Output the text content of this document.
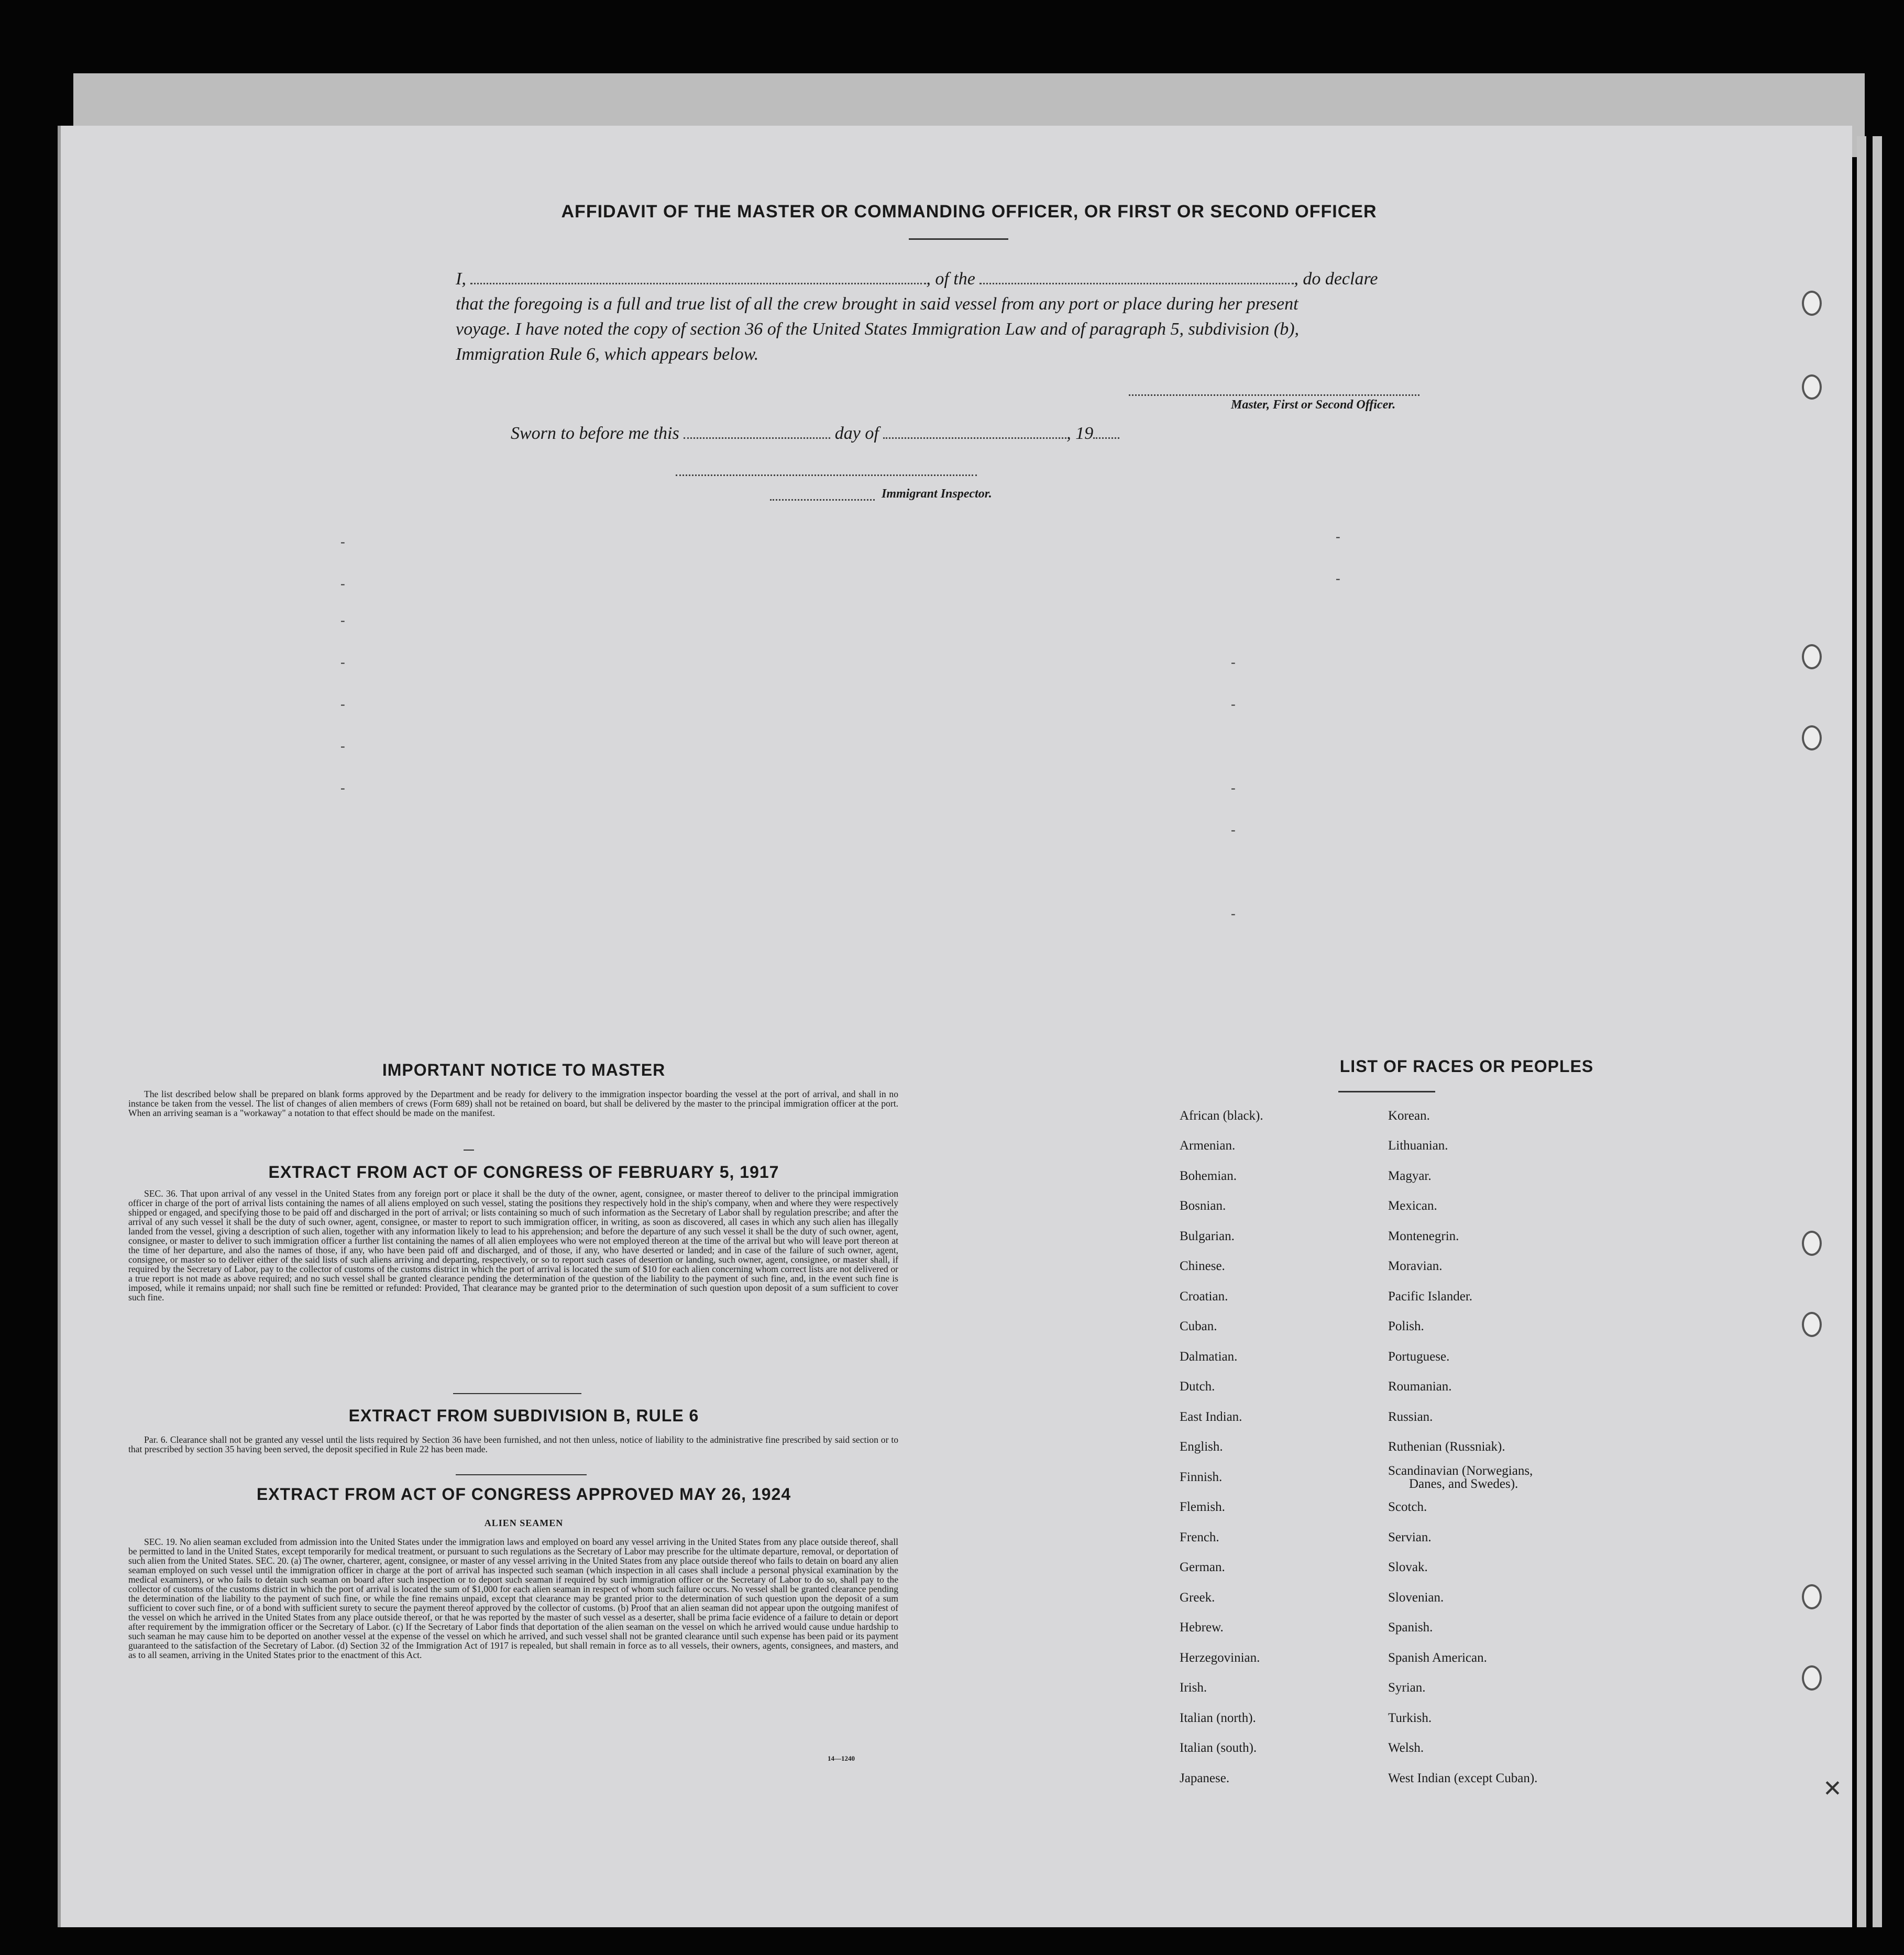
AFFIDAVIT OF THE MASTER OR COMMANDING OFFICER, OR FIRST OR SECOND OFFICER
I,	, of the	, do declare
that the foregoing is a full and true list of all the crew brought in said vessel from any port or place during her present
voyage. I have noted the copy of section 36 of the United States Immigration Law and of paragraph 5, subdivision (b),
Immigration Rule 6, which appears below.
Master, First or Second Officer.
Sworn to before me this	day of	, 19
Immigrant Inspector.
IMPORTANT NOTICE TO MASTER
The list described below shall be prepared on blank forms approved by the Department and be ready for delivery to the immigration inspector boarding the vessel at the port of arrival, and shall in no instance be taken from the vessel. The list of changes of alien members of crews (Form 689) shall not be retained on board, but shall be delivered by the master to the principal immigration officer at the port. When an arriving seaman is a "workaway" a notation to that effect should be made on the manifest.
EXTRACT FROM ACT OF CONGRESS OF FEBRUARY 5, 1917
SEC. 36. That upon arrival of any vessel in the United States from any foreign port or place it shall be the duty of the owner, agent, consignee, or master thereof to deliver to the principal immigration officer in charge of the port of arrival lists containing the names of all aliens employed on such vessel, stating the positions they respectively hold in the ship's company, when and where they were respectively shipped or engaged, and specifying those to be paid off and discharged in the port of arrival; or lists containing so much of such information as the Secretary of Labor shall by regulation prescribe; and after the arrival of any such vessel it shall be the duty of such owner, agent, consignee, or master to report to such immigration officer, in writing, as soon as discovered, all cases in which any such alien has illegally landed from the vessel, giving a description of such alien, together with any information likely to lead to his apprehension; and before the departure of any such vessel it shall be the duty of such owner, agent, consignee, or master to deliver to such immigration officer a further list containing the names of all alien employees who were not employed thereon at the time of the arrival but who will leave port thereon at the time of her departure, and also the names of those, if any, who have been paid off and discharged, and of those, if any, who have deserted or landed; and in case of the failure of such owner, agent, consignee, or master so to deliver either of the said lists of such aliens arriving and departing, respectively, or so to report such cases of desertion or landing, such owner, agent, consignee, or master shall, if required by the Secretary of Labor, pay to the collector of customs of the customs district in which the port of arrival is located the sum of $10 for each alien concerning whom correct lists are not delivered or a true report is not made as above required; and no such vessel shall be granted clearance pending the determination of the question of the liability to the payment of such fine, and, in the event such fine is imposed, while it remains unpaid; nor shall such fine be remitted or refunded: Provided, That clearance may be granted prior to the determination of such question upon deposit of a sum sufficient to cover such fine.
EXTRACT FROM SUBDIVISION B, RULE 6
Par. 6. Clearance shall not be granted any vessel until the lists required by Section 36 have been furnished, and not then unless, notice of liability to the administrative fine prescribed by said section or to that prescribed by section 35 having been served, the deposit specified in Rule 22 has been made.
EXTRACT FROM ACT OF CONGRESS APPROVED MAY 26, 1924
ALIEN SEAMEN
SEC. 19. No alien seaman excluded from admission into the United States under the immigration laws and employed on board any vessel arriving in the United States from any place outside thereof, shall be permitted to land in the United States, except temporarily for medical treatment, or pursuant to such regulations as the Secretary of Labor may prescribe for the ultimate departure, removal, or deportation of such alien from the United States. SEC. 20. (a) The owner, charterer, agent, consignee, or master of any vessel arriving in the United States from any place outside thereof who fails to detain on board any alien seaman employed on such vessel until the immigration officer in charge at the port of arrival has inspected such seaman (which inspection in all cases shall include a personal physical examination by the medical examiners), or who fails to detain such seaman on board after such inspection or to deport such seaman if required by such immigration officer or the Secretary of Labor to do so, shall pay to the collector of customs of the customs district in which the port of arrival is located the sum of $1,000 for each alien seaman in respect of whom such failure occurs. No vessel shall be granted clearance pending the determination of the liability to the payment of such fine, or while the fine remains unpaid, except that clearance may be granted prior to the determination of such question upon the deposit of a sum sufficient to cover such fine, or of a bond with sufficient surety to secure the payment thereof approved by the collector of customs. (b) Proof that an alien seaman did not appear upon the outgoing manifest of the vessel on which he arrived in the United States from any place outside thereof, or that he was reported by the master of such vessel as a deserter, shall be prima facie evidence of a failure to detain or deport after requirement by the immigration officer or the Secretary of Labor. (c) If the Secretary of Labor finds that deportation of the alien seaman on the vessel on which he arrived would cause undue hardship to such seaman he may cause him to be deported on another vessel at the expense of the vessel on which he arrived, and such vessel shall not be granted clearance until such expense has been paid or its payment guaranteed to the satisfaction of the Secretary of Labor. (d) Section 32 of the Immigration Act of 1917 is repealed, but shall remain in force as to all vessels, their owners, agents, consignees, and masters, and as to all seamen, arriving in the United States prior to the enactment of this Act.
14—1240
LIST OF RACES OR PEOPLES
African (black).
Armenian.
Bohemian.
Bosnian.
Bulgarian.
Chinese.
Croatian.
Cuban.
Dalmatian.
Dutch.
East Indian.
English.
Finnish.
Flemish.
French.
German.
Greek.
Hebrew.
Herzegovinian.
Irish.
Italian (north).
Italian (south).
Japanese.
Korean.
Lithuanian.
Magyar.
Mexican.
Montenegrin.
Moravian.
Pacific Islander.
Polish.
Portuguese.
Roumanian.
Russian.
Ruthenian (Russniak).
Scandinavian (Norwegians,
Danes, and Swedes).
Scotch.
Servian.
Slovak.
Slovenian.
Spanish.
Spanish American.
Syrian.
Turkish.
Welsh.
West Indian (except Cuban).
-
-
-
-
-
-
-
-
-
-
-
-
-
-
✕
